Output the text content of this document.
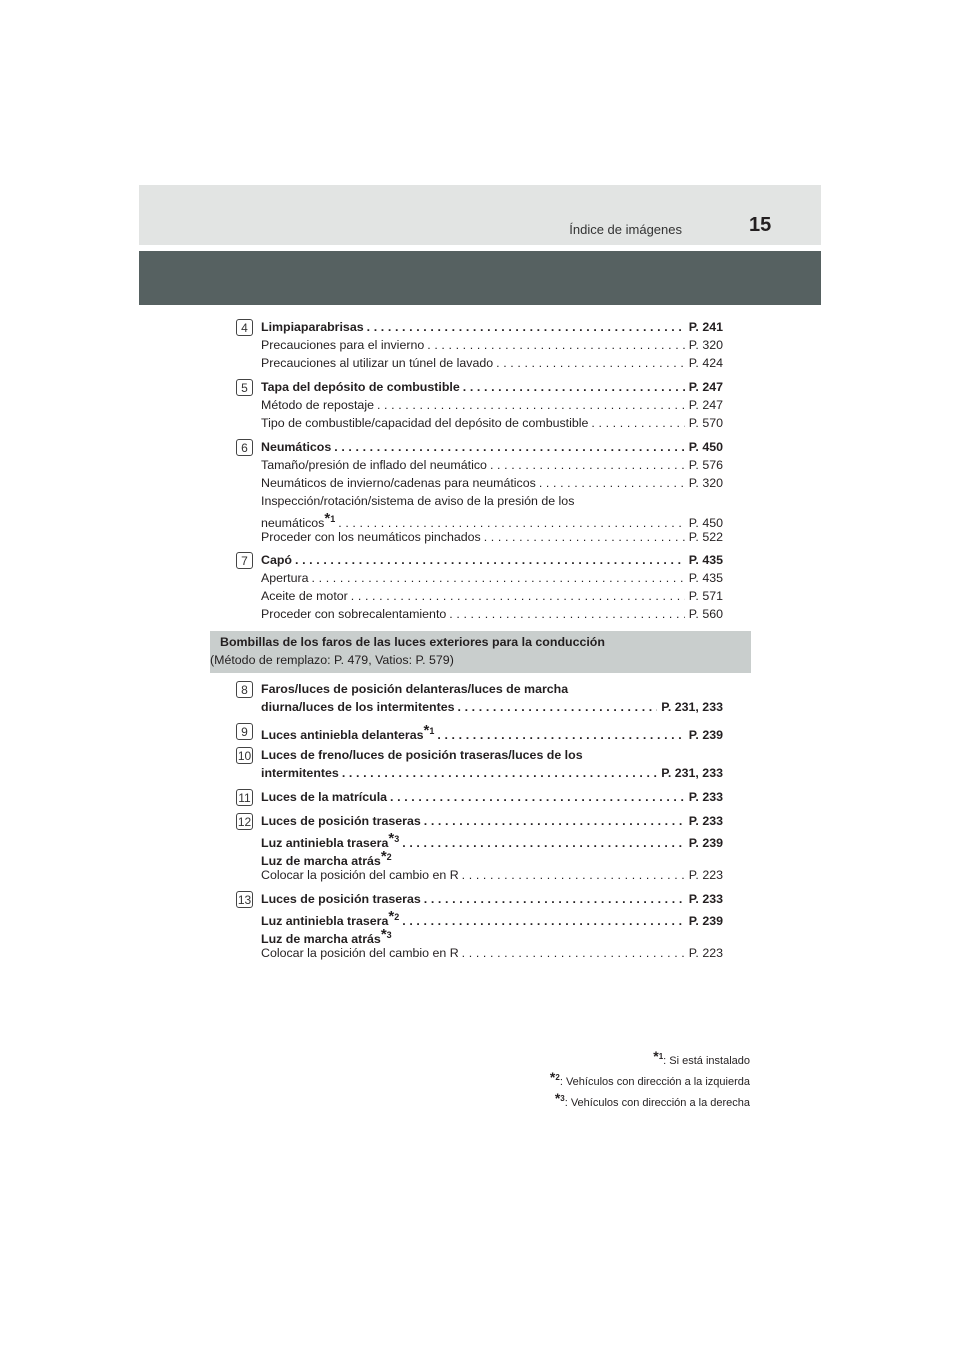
Índice de imágenes	15
4	Limpiaparabrisas . . .	P. 241
Precauciones para el invierno . . .	P. 320
Precauciones al utilizar un túnel de lavado . . .	P. 424
5	Tapa del depósito de combustible . . .	P. 247
Método de repostaje . . .	P. 247
Tipo de combustible/capacidad del depósito de combustible . . .	P. 570
6	Neumáticos . . .	P. 450
Tamaño/presión de inflado del neumático . . .	P. 576
Neumáticos de invierno/cadenas para neumáticos . . .	P. 320
Inspección/rotación/sistema de aviso de la presión de los
neumáticos*$^1$ . . .	P. 450
Proceder con los neumáticos pinchados . . .	P. 522
7	Capó . . .	P. 435
Apertura . . .	P. 435
Aceite de motor . . .	P. 571
Proceder con sobrecalentamiento . . .	P. 560
8	Faros/luces de posición delanteras/luces de marcha
diurna/luces de los intermitentes . . .	P. 231, 233
9	Luces antiniebla delanteras*$^1$ . . .	P. 239
10 Luces de freno/luces de posición traseras/luces de los
intermitentes . . .	P. 231, 233
11 Luces de la matrícula . . .	P. 233
12 Luces de posición traseras . . .	P. 233
Luz antiniebla trasera*$^3$ . . .	P. 239
Luz de marcha atrás*$^2$
Colocar la posición del cambio en R . . .	P. 223
13 Luces de posición traseras . . .	P. 233
Luz antiniebla trasera*$^2$ . . .	P. 239
Luz de marcha atrás*$^3$
Colocar la posición del cambio en R . . .	P. 223
Bombillas de los faros de las luces exteriores para la conducción
(Método de remplazo: P. 479, Vatios: P. 579)
*$^1$: Si está instalado
*$^2$: Vehículos con dirección a la izquierda
*$^3$: Vehículos con dirección a la derecha
